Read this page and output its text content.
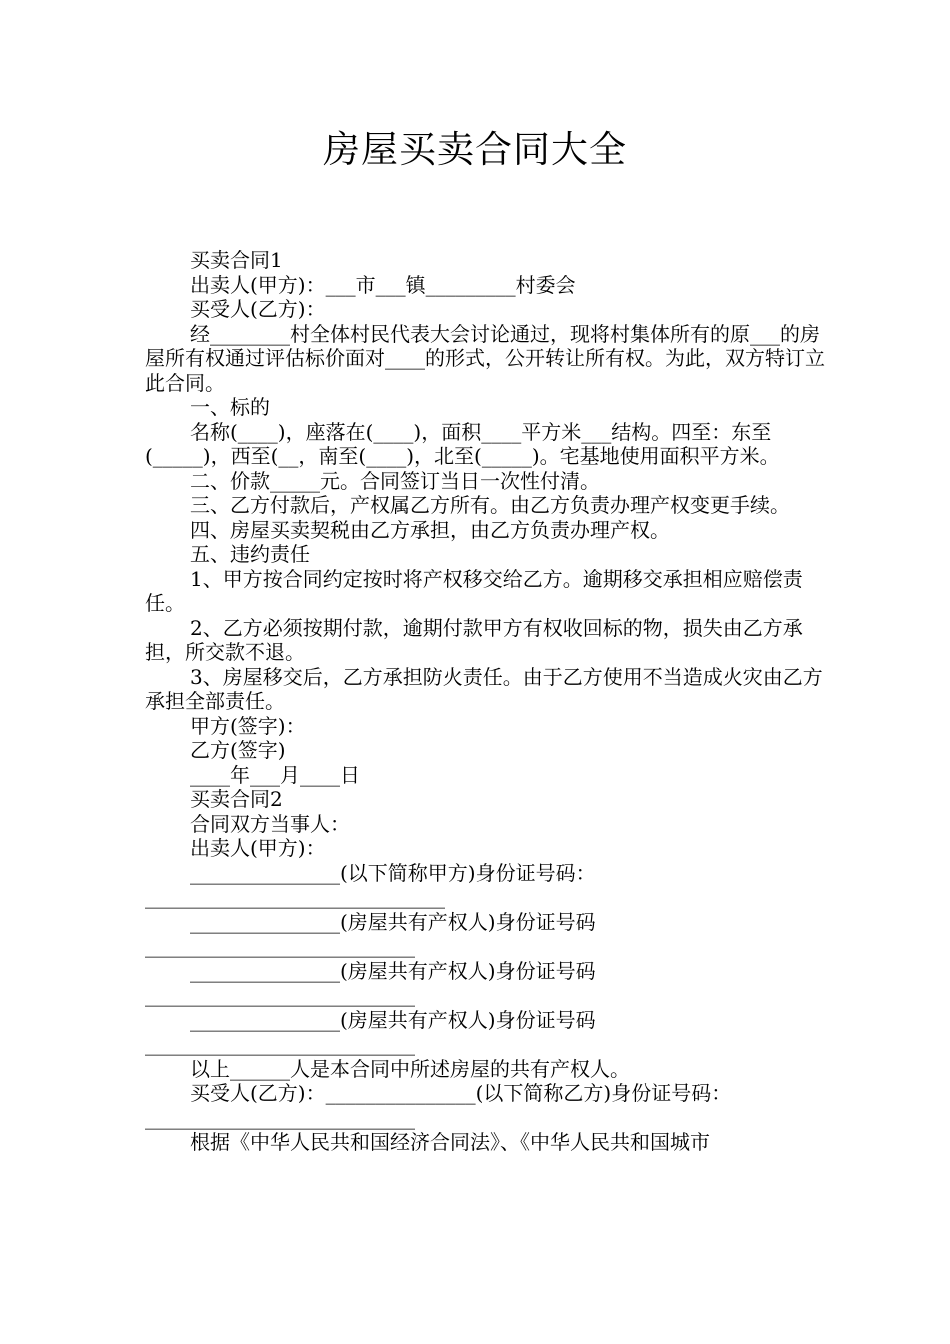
房屋买卖合同大全

买卖合同1

出卖人(甲方)：___市___镇_________村委会

买受人(乙方)：

经________村全体村民代表大会讨论通过，现将村集体所有的原___的房屋所有权通过评估标价面对____的形式，公开转让所有权。为此，双方特订立此合同。

一、标的

名称(____)，座落在(____)，面积____平方米___结构。四至：东至(_____)，西至(__，南至(____)，北至(_____)。宅基地使用面积平方米。

二、价款_____元。合同签订当日一次性付清。

三、乙方付款后，产权属乙方所有。由乙方负责办理产权变更手续。

四、房屋买卖契税由乙方承担，由乙方负责办理产权。

五、违约责任

1、甲方按合同约定按时将产权移交给乙方。逾期移交承担相应赔偿责任。

2、乙方必须按期付款，逾期付款甲方有权收回标的物，损失由乙方承担，所交款不退。

3、房屋移交后，乙方承担防火责任。由于乙方使用不当造成火灾由乙方承担全部责任。

甲方(签字)：

乙方(签字)

____年___月____日

买卖合同2

合同双方当事人：

出卖人(甲方)：

_______________(以下简称甲方)身份证号码：______________________________

_______________(房屋共有产权人)身份证号码___________________________

_______________(房屋共有产权人)身份证号码___________________________

_______________(房屋共有产权人)身份证号码___________________________

以上______人是本合同中所述房屋的共有产权人。

买受人(乙方)：_______________(以下简称乙方)身份证号码：

___________________________

根据《中华人民共和国经济合同法》、《中华人民共和国城市
